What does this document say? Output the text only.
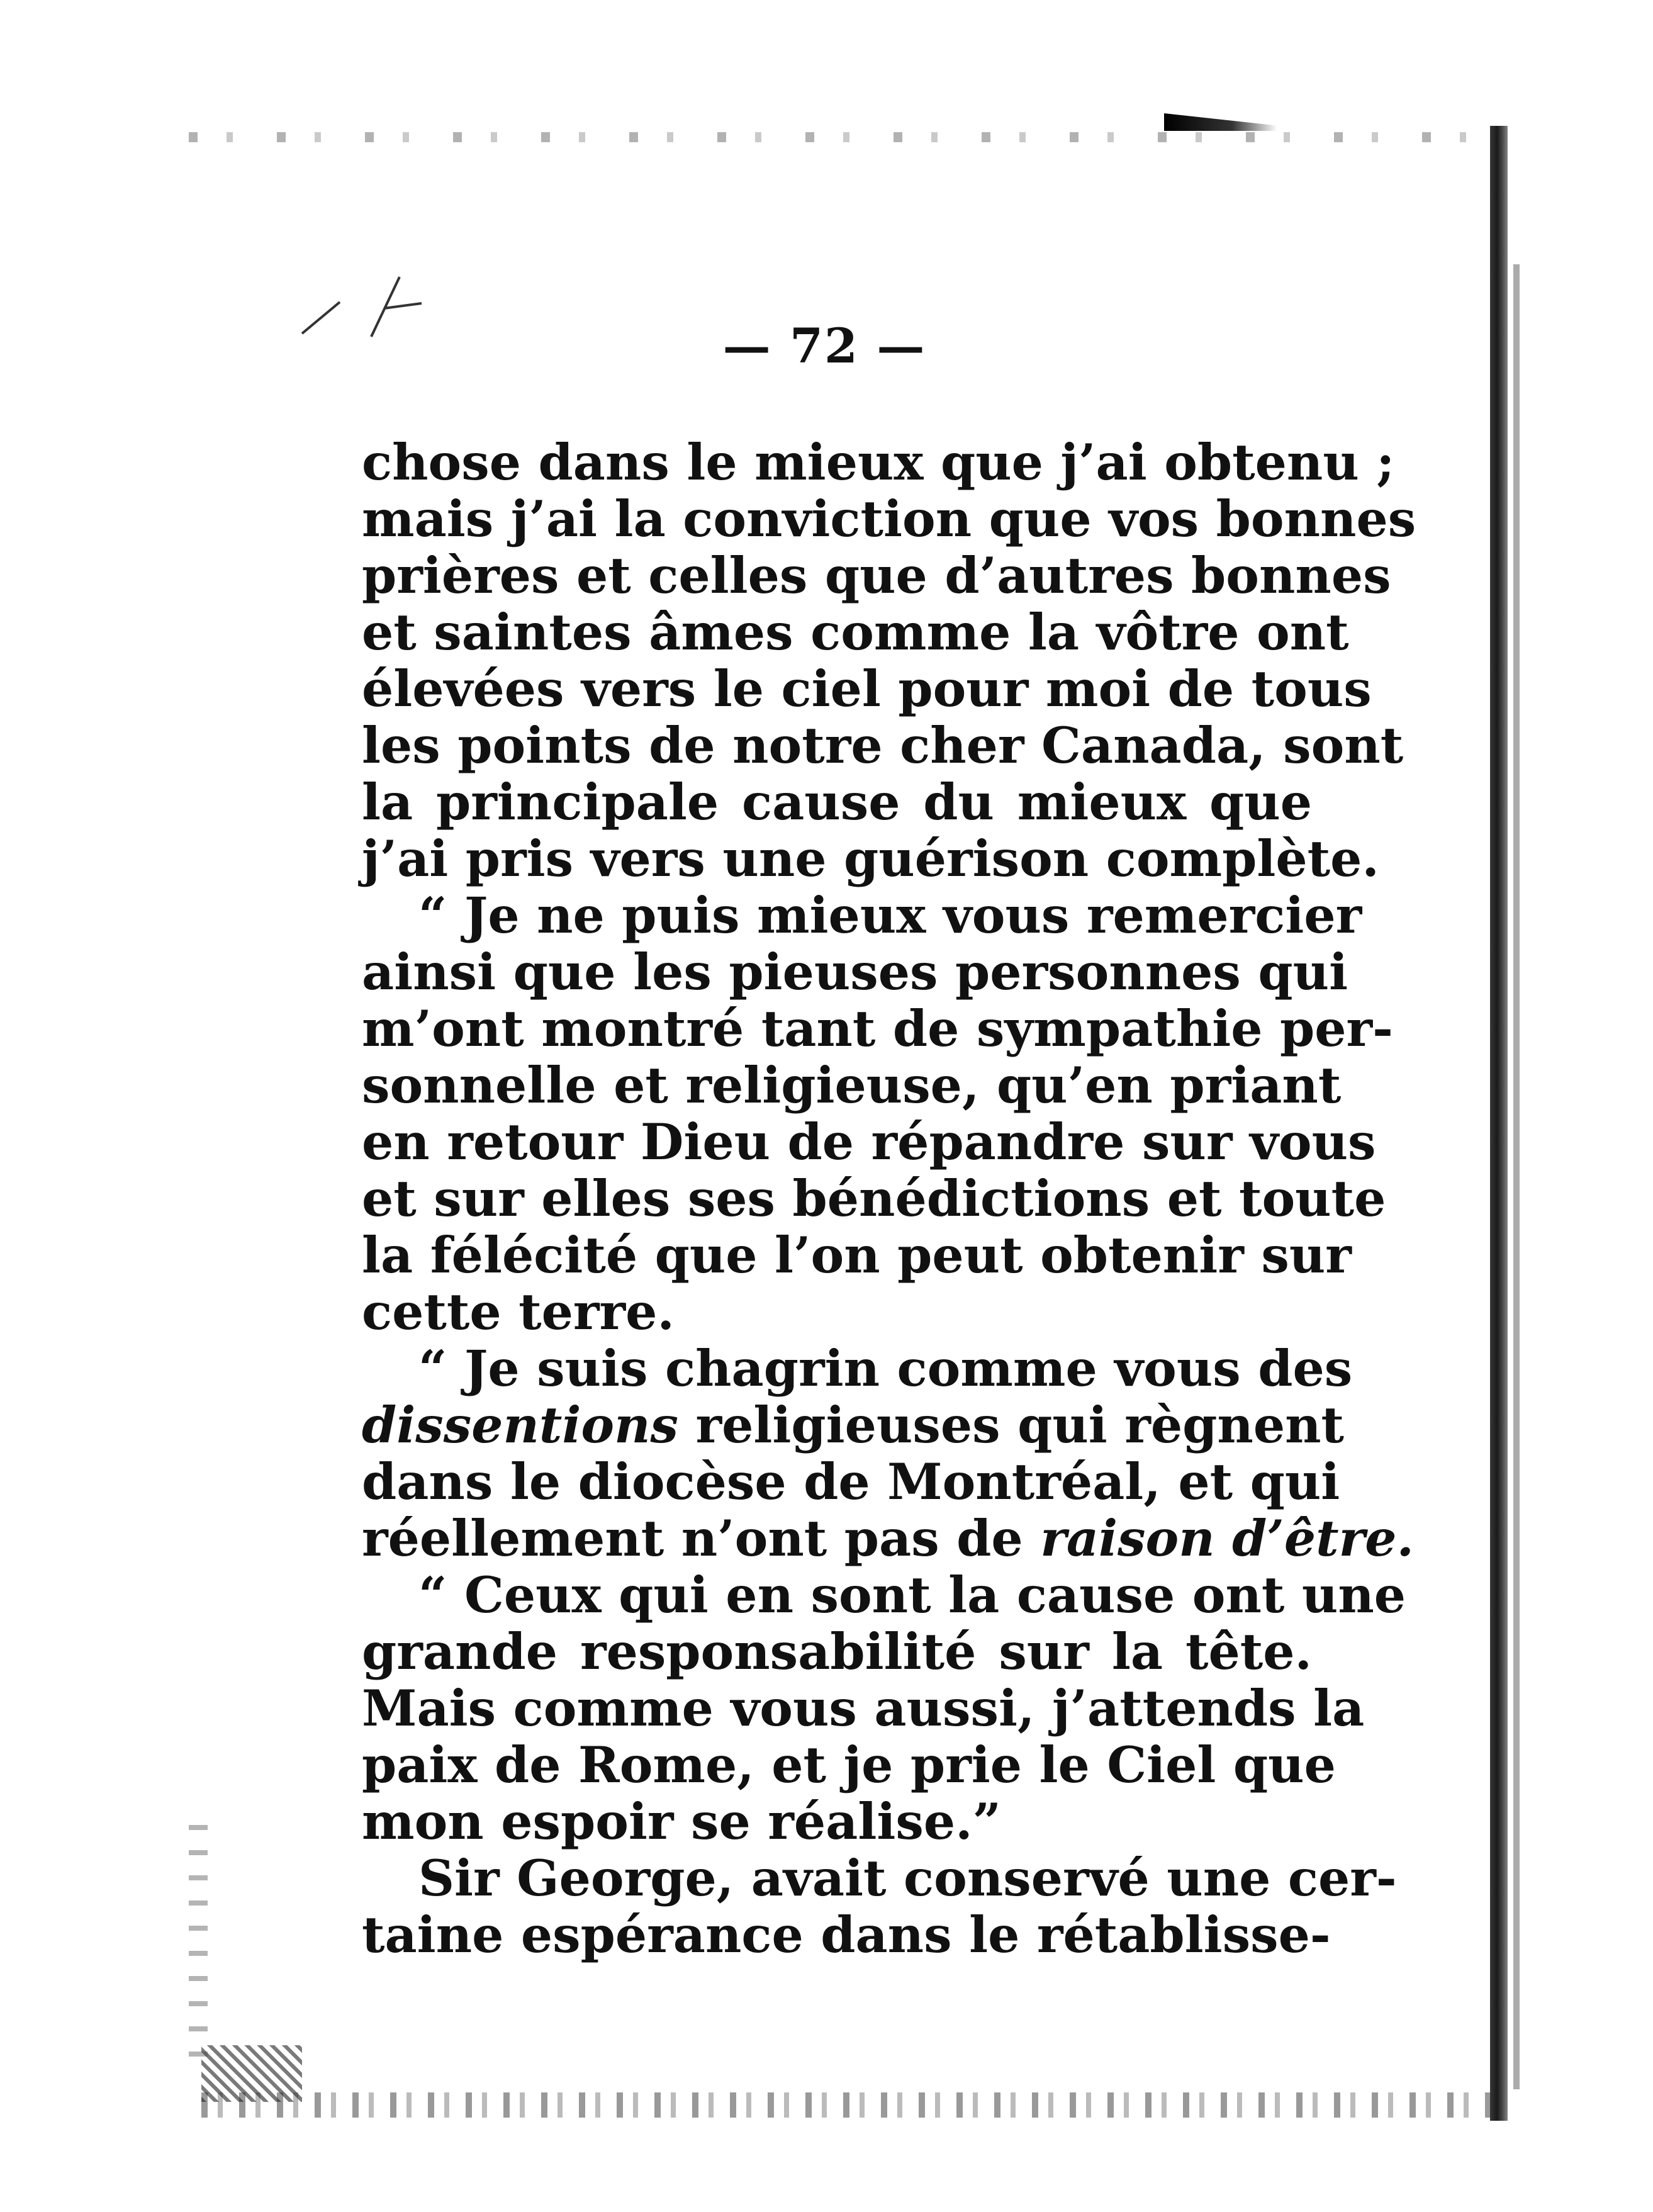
— 72 —
chose dans le mieux que j’ai obtenu ;
mais j’ai la conviction que vos bonnes
prières et celles que d’autres bonnes
et saintes âmes comme la vôtre ont
élevées vers le ciel pour moi de tous
les points de notre cher Canada, sont
la principale cause du mieux que
j’ai pris vers une guérison complète.
“ Je ne puis mieux vous remercier
ainsi que les pieuses personnes qui
m’ont montré tant de sympathie per-
sonnelle et religieuse, qu’en priant
en retour Dieu de répandre sur vous
et sur elles ses bénédictions et toute
la félécité que l’on peut obtenir sur
cette terre.
“ Je suis chagrin comme vous des
dissentions religieuses qui règnent
dans le diocèse de Montréal, et qui
réellement n’ont pas de raison d’être.
“ Ceux qui en sont la cause ont une
grande responsabilité sur la tête.
Mais comme vous aussi, j’attends la
paix de Rome, et je prie le Ciel que
mon espoir se réalise.”
Sir George, avait conservé une cer-
taine espérance dans le rétablisse-
